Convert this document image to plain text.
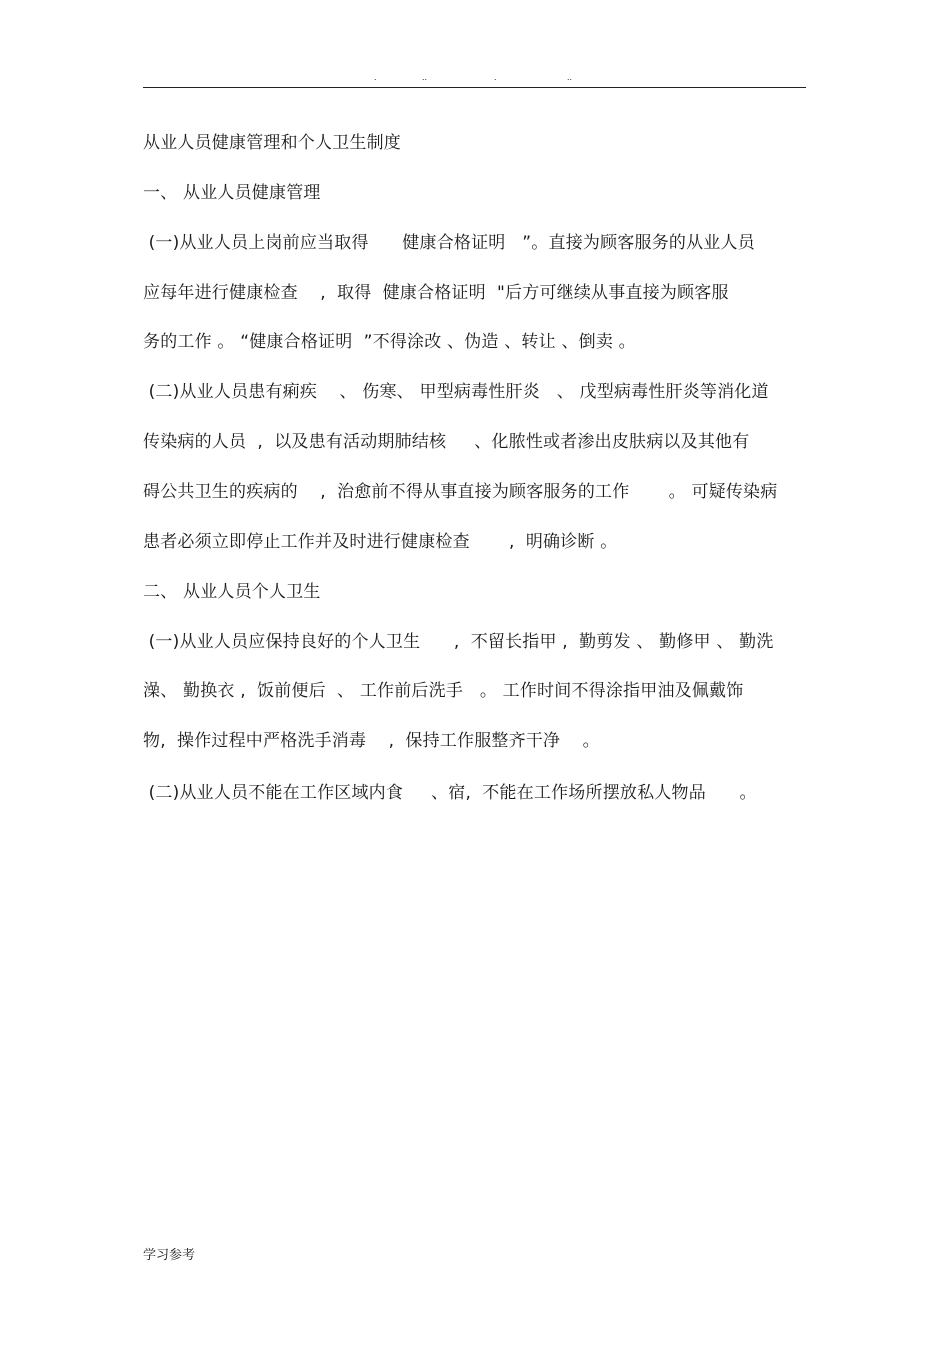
.	..	.	..
从业人员健康管理和个人卫生制度
一、 从业人员健康管理
(一)从业人员上岗前应当取得      健康合格证明   ”。直接为顾客服务的从业人员
应每年进行健康检查    ,  取得  健康合格证明  "后方可继续从事直接为顾客服
务的工作 。 “健康合格证明  ”不得涂改 、伪造 、转让 、倒卖 。
(二)从业人员患有痢疾    、 伤寒、 甲型病毒性肝炎   、 戊型病毒性肝炎等消化道
传染病的人员  ,  以及患有活动期肺结核     、化脓性或者渗出皮肤病以及其他有
碍公共卫生的疾病的    ,  治愈前不得从事直接为顾客服务的工作       。 可疑传染病
患者必须立即停止工作并及时进行健康检查       ,  明确诊断 。
二、 从业人员个人卫生
(一)从业人员应保持良好的个人卫生      ,  不留长指甲 ,  勤剪发 、 勤修甲 、 勤洗
澡、 勤换衣 ,  饭前便后  、 工作前后洗手   。 工作时间不得涂指甲油及佩戴饰
物,  操作过程中严格洗手消毒    ,  保持工作服整齐干净    。
(二)从业人员不能在工作区域内食     、宿,  不能在工作场所摆放私人物品      。
学习参考
